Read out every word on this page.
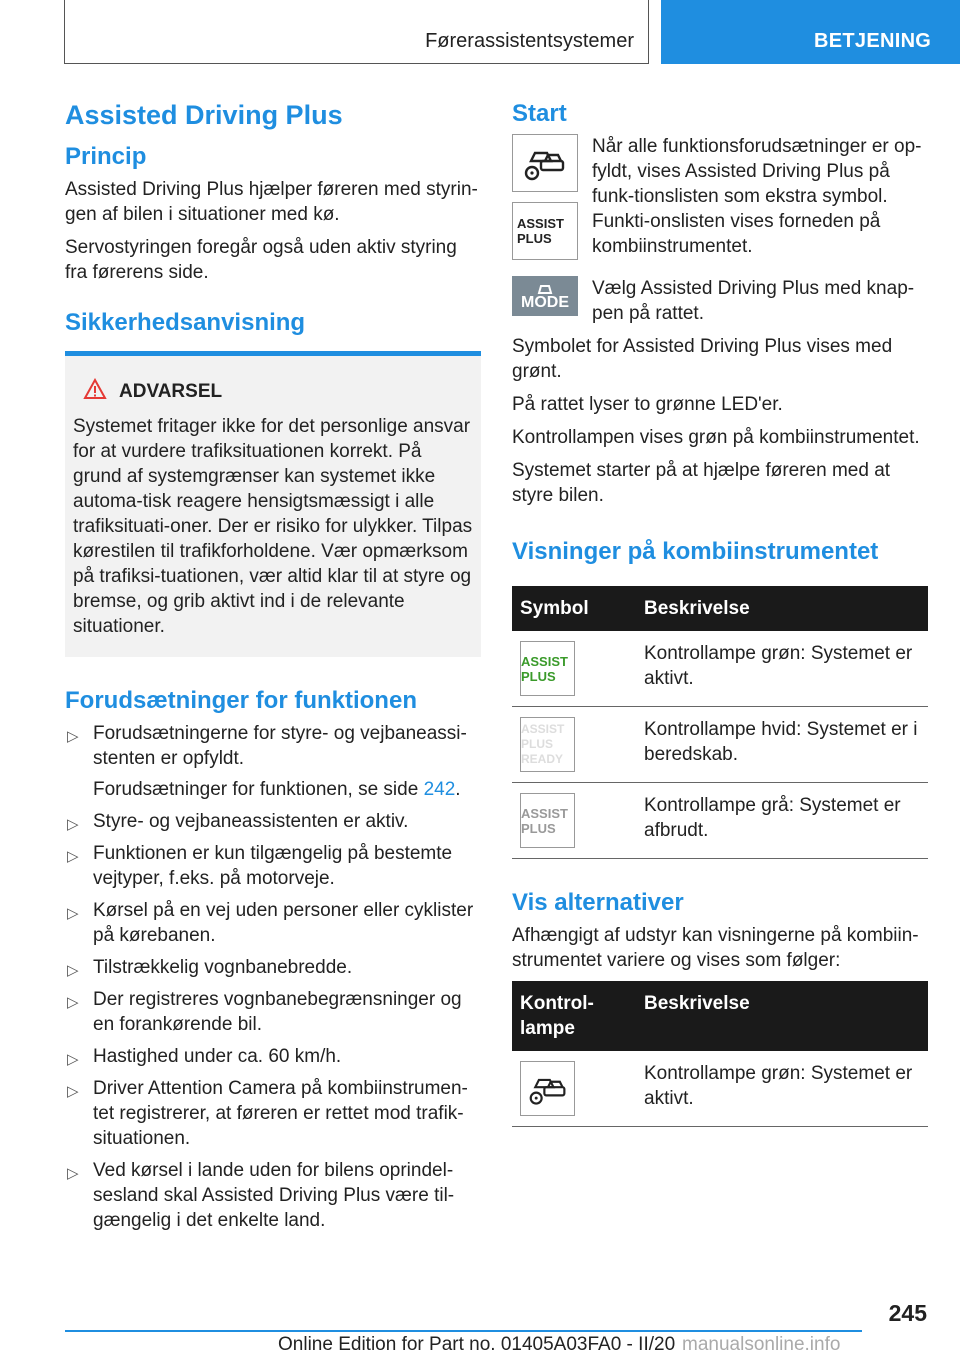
Førerassistentsystemer	BETJENING
Assisted Driving Plus
Princip

Assisted Driving Plus hjælper føreren med styrin-gen af bilen i situationer med kø.

Servostyringen foregår også uden aktiv styring fra førerens side.

Sikkerhedsanvisning
ADVARSEL

Systemet fritager ikke for det personlige ansvar for at vurdere trafiksituationen korrekt. På grund af systemgrænser kan systemet ikke automa-tisk reagere hensigtsmæssigt i alle trafiksituati-oner. Der er risiko for ulykker. Tilpas kørestilen til trafikforholdene. Vær opmærksom på trafiksi-tuationen, vær altid klar til at styre og bremse, og grib aktivt ind i de relevante situationer.

Forudsætninger for funktionen
▷ Forudsætningerne for styre- og vejbaneassi-stenten er opfyldt.
Forudsætninger for funktionen, se side 242.
▷ Styre- og vejbaneassistenten er aktiv.
▷ Funktionen er kun tilgængelig på bestemte vejtyper, f.eks. på motorveje.
▷ Kørsel på en vej uden personer eller cyklister på kørebanen.
▷ Tilstrækkelig vognbanebredde.
▷ Der registreres vognbanebegrænsninger og en forankørende bil.
▷ Hastighed under ca. 60 km/h.
▷ Driver Attention Camera på kombiinstrumen-tet registrerer, at føreren er rettet mod trafik-situationen.
▷ Ved kørsel i lande uden for bilens oprindel-sesland skal Assisted Driving Plus være til-gængelig i det enkelte land.
Start
ASSIST PLUS

Når alle funktionsforudsætninger er op-fyldt, vises Assisted Driving Plus på funk-tionslisten som ekstra symbol. Funkti-onslisten vises forneden på kombiinstrumentet.

MODE

Vælg Assisted Driving Plus med knap-pen på rattet.

Symbolet for Assisted Driving Plus vises med grønt.

På rattet lyser to grønne LED'er.

Kontrollampen vises grøn på kombiinstrumentet.

Systemet starter på at hjælpe føreren med at styre bilen.

Visninger på kombiinstrumentet
Symbol	Beskrivelse

ASSIST PLUS	Kontrollampe grøn: Systemet er aktivt.

ASSIST PLUS READY	Kontrollampe hvid: Systemet er i beredskab.

ASSIST PLUS	Kontrollampe grå: Systemet er afbrudt.
Vis alternativer

Afhængigt af udstyr kan visningerne på kombiin-strumentet variere og vises som følger:

Kontrol-lampe	Beskrivelse

	Kontrollampe grøn: Systemet er aktivt.
245
Online Edition for Part no. 01405A03FA0 - II/20 manualsonline.info
